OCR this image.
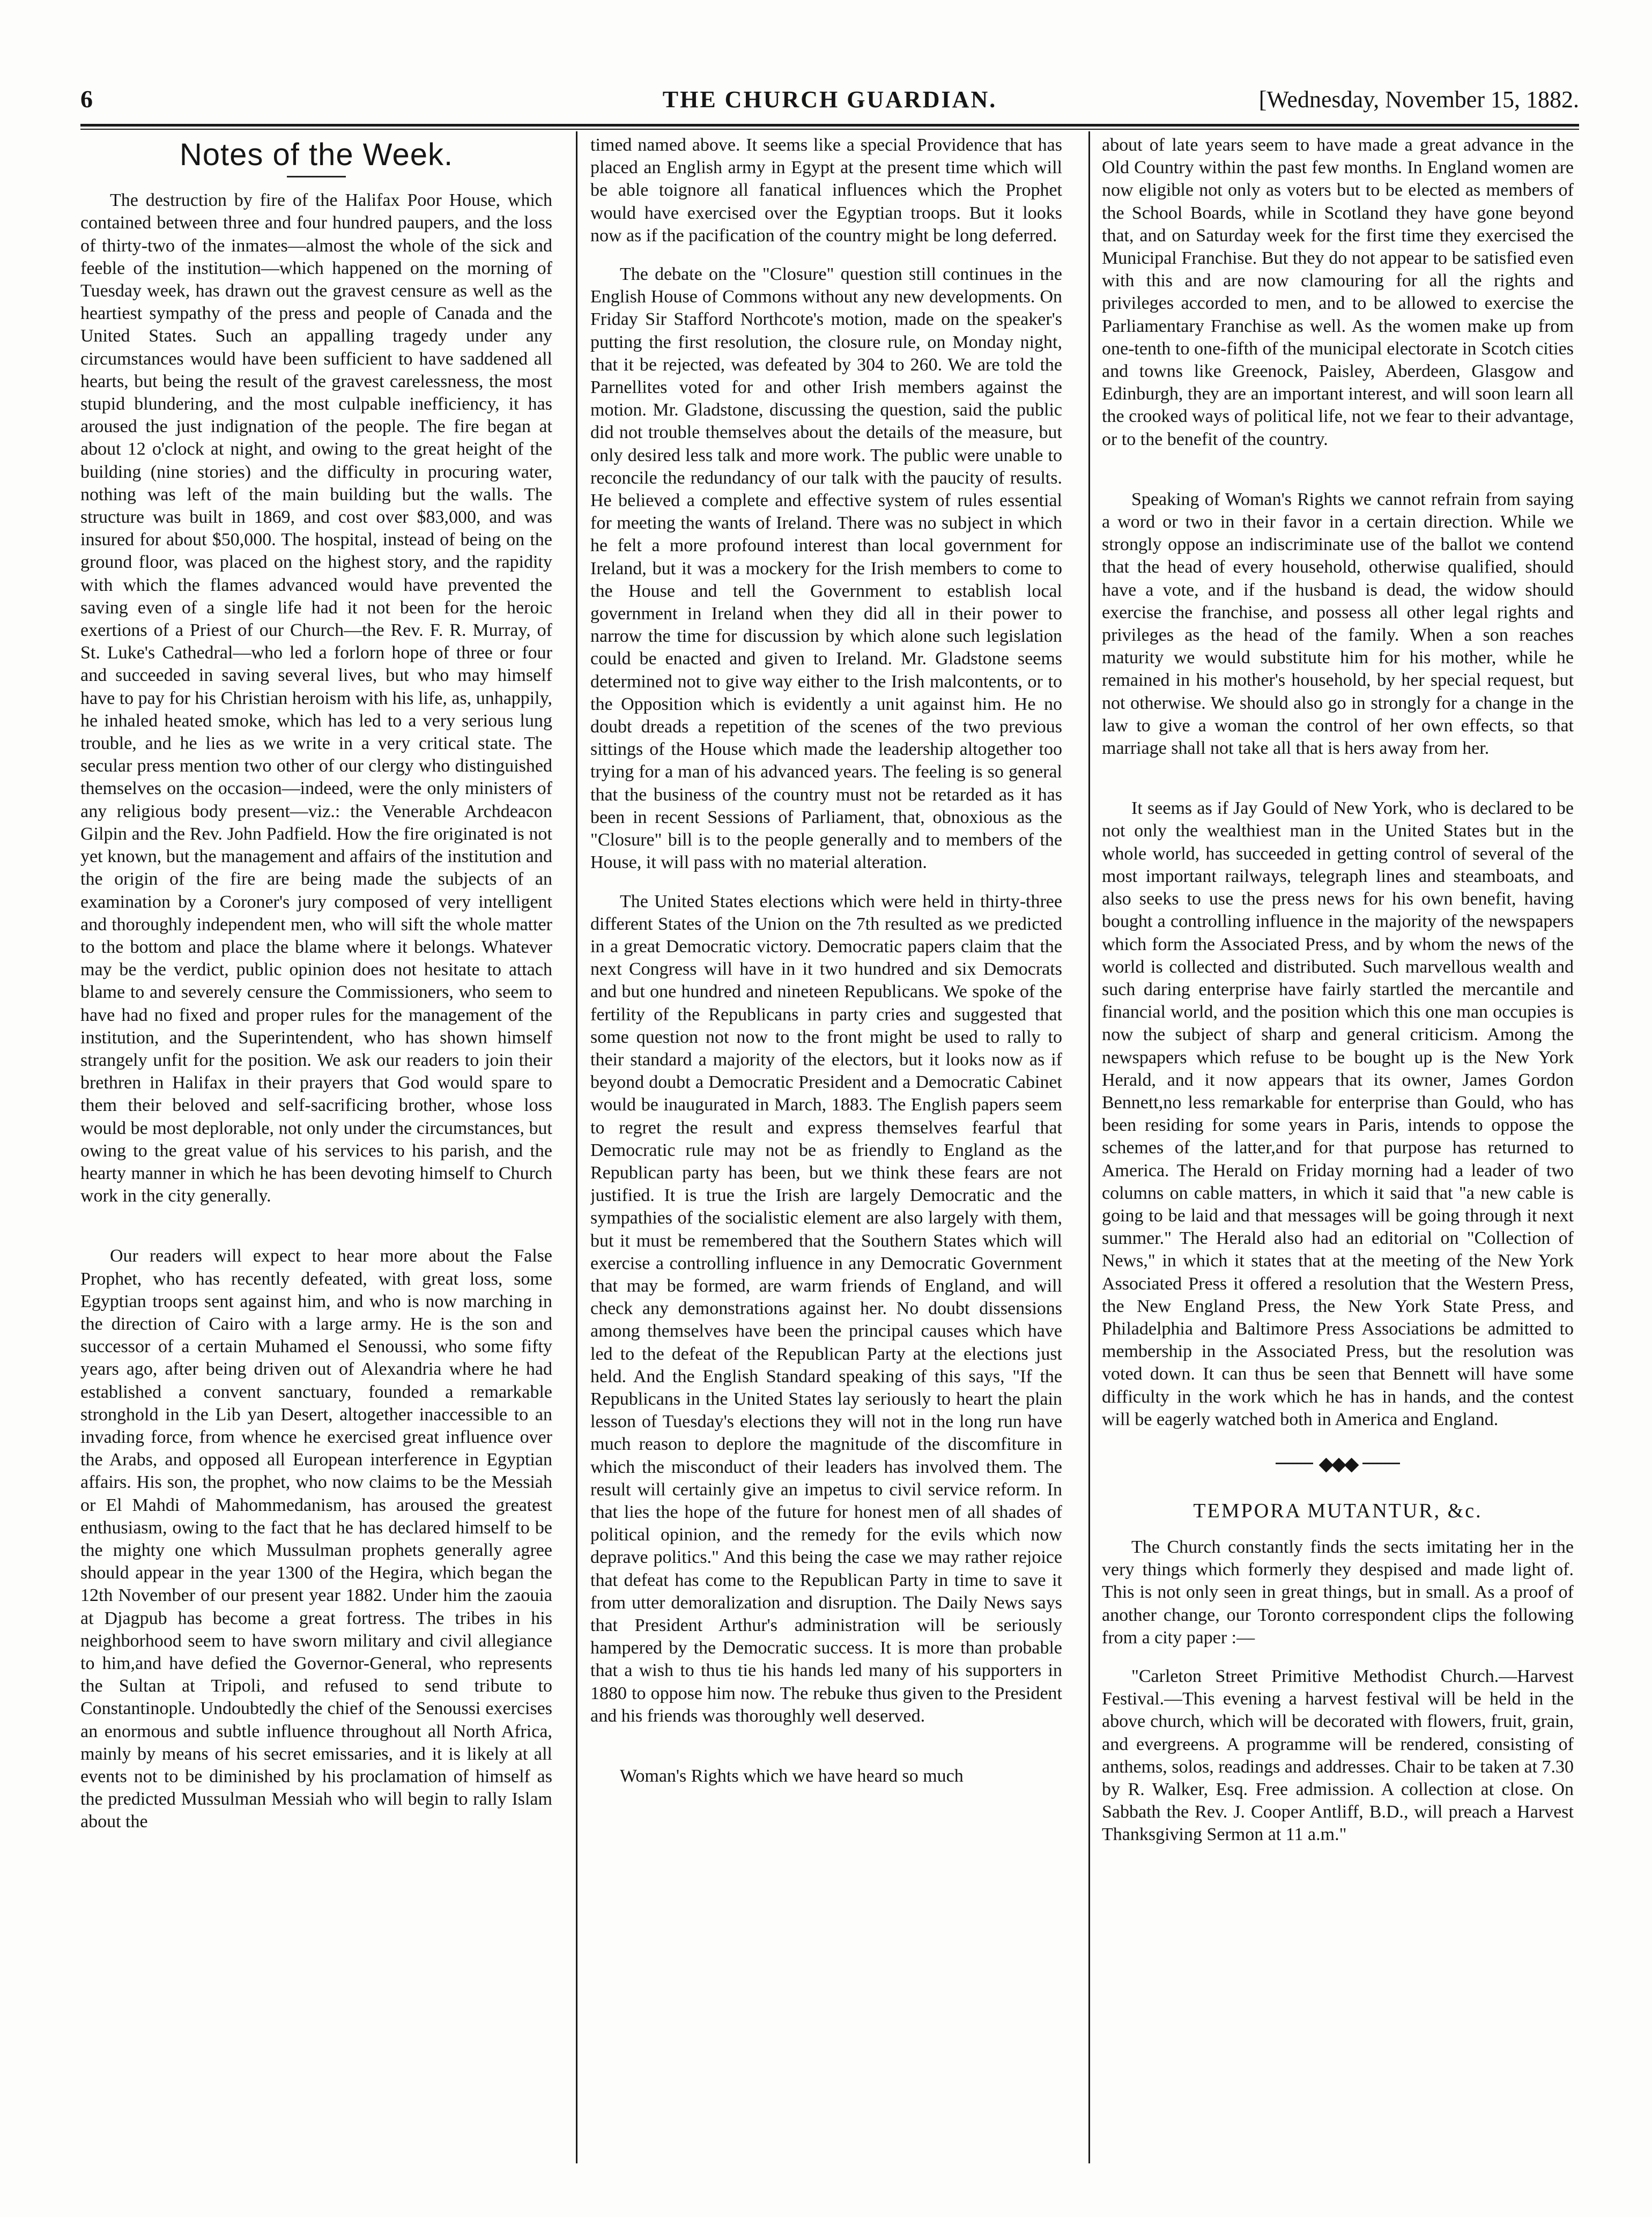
6	THE CHURCH GUARDIAN.	[Wednesday, November 15, 1882.
Notes of the Week.

The destruction by fire of the Halifax Poor House, which contained between three and four hundred paupers, and the loss of thirty-two of the inmates—almost the whole of the sick and feeble of the institution—which happened on the morning of Tuesday week, has drawn out the gravest censure as well as the heartiest sympathy of the press and people of Canada and the United States. Such an appalling tragedy under any circumstances would have been sufficient to have saddened all hearts, but being the result of the gravest carelessness, the most stupid blundering, and the most culpable inefficiency, it has aroused the just indignation of the people. The fire began at about 12 o'clock at night, and owing to the great height of the building (nine stories) and the difficulty in procuring water, nothing was left of the main building but the walls. The structure was built in 1869, and cost over $83,000, and was insured for about $50,000. The hospital, instead of being on the ground floor, was placed on the highest story, and the rapidity with which the flames advanced would have prevented the saving even of a single life had it not been for the heroic exertions of a Priest of our Church—the Rev. F. R. Murray, of St. Luke's Cathedral—who led a forlorn hope of three or four and succeeded in saving several lives, but who may himself have to pay for his Christian heroism with his life, as, unhappily, he inhaled heated smoke, which has led to a very serious lung trouble, and he lies as we write in a very critical state. The secular press mention two other of our clergy who distinguished themselves on the occasion—indeed, were the only ministers of any religious body present—viz.: the Venerable Archdeacon Gilpin and the Rev. John Padfield. How the fire originated is not yet known, but the management and affairs of the institution and the origin of the fire are being made the subjects of an examination by a Coroner's jury composed of very intelligent and thoroughly independent men, who will sift the whole matter to the bottom and place the blame where it belongs. Whatever may be the verdict, public opinion does not hesitate to attach blame to and severely censure the Commissioners, who seem to have had no fixed and proper rules for the management of the institution, and the Superintendent, who has shown himself strangely unfit for the position. We ask our readers to join their brethren in Halifax in their prayers that God would spare to them their beloved and self-sacrificing brother, whose loss would be most deplorable, not only under the circumstances, but owing to the great value of his services to his parish, and the hearty manner in which he has been devoting himself to Church work in the city generally.

Our readers will expect to hear more about the False Prophet, who has recently defeated, with great loss, some Egyptian troops sent against him, and who is now marching in the direction of Cairo with a large army. He is the son and successor of a certain Muhamed el Senoussi, who some fifty years ago, after being driven out of Alexandria where he had established a convent sanctuary, founded a remarkable stronghold in the Lib yan Desert, altogether inaccessible to an invading force, from whence he exercised great influence over the Arabs, and opposed all European interference in Egyptian affairs. His son, the prophet, who now claims to be the Messiah or El Mahdi of Mahommedanism, has aroused the greatest enthusiasm, owing to the fact that he has declared himself to be the mighty one which Mussulman prophets generally agree should appear in the year 1300 of the Hegira, which began the 12th November of our present year 1882. Under him the zaouia at Djagpub has become a great fortress. The tribes in his neighborhood seem to have sworn military and civil allegiance to him,and have defied the Governor-General, who represents the Sultan at Tripoli, and refused to send tribute to Constantinople. Undoubtedly the chief of the Senoussi exercises an enormous and subtle influence throughout all North Africa, mainly by means of his secret emissaries, and it is likely at all events not to be diminished by his proclamation of himself as the predicted Mussulman Messiah who will begin to rally Islam about the

timed named above. It seems like a special Providence that has placed an English army in Egypt at the present time which will be able toignore all fanatical influences which the Prophet would have exercised over the Egyptian troops. But it looks now as if the pacification of the country might be long deferred.

The debate on the "Closure" question still continues in the English House of Commons without any new developments. On Friday Sir Stafford Northcote's motion, made on the speaker's putting the first resolution, the closure rule, on Monday night, that it be rejected, was defeated by 304 to 260. We are told the Parnellites voted for and other Irish members against the motion. Mr. Gladstone, discussing the question, said the public did not trouble themselves about the details of the measure, but only desired less talk and more work. The public were unable to reconcile the redundancy of our talk with the paucity of results. He believed a complete and effective system of rules essential for meeting the wants of Ireland. There was no subject in which he felt a more profound interest than local government for Ireland, but it was a mockery for the Irish members to come to the House and tell the Government to establish local government in Ireland when they did all in their power to narrow the time for discussion by which alone such legislation could be enacted and given to Ireland. Mr. Gladstone seems determined not to give way either to the Irish malcontents, or to the Opposition which is evidently a unit against him. He no doubt dreads a repetition of the scenes of the two previous sittings of the House which made the leadership altogether too trying for a man of his advanced years. The feeling is so general that the business of the country must not be retarded as it has been in recent Sessions of Parliament, that, obnoxious as the "Closure" bill is to the people generally and to members of the House, it will pass with no material alteration.

The United States elections which were held in thirty-three different States of the Union on the 7th resulted as we predicted in a great Democratic victory. Democratic papers claim that the next Congress will have in it two hundred and six Democrats and but one hundred and nineteen Republicans. We spoke of the fertility of the Republicans in party cries and suggested that some question not now to the front might be used to rally to their standard a majority of the electors, but it looks now as if beyond doubt a Democratic President and a Democratic Cabinet would be inaugurated in March, 1883. The English papers seem to regret the result and express themselves fearful that Democratic rule may not be as friendly to England as the Republican party has been, but we think these fears are not justified. It is true the Irish are largely Democratic and the sympathies of the socialistic element are also largely with them, but it must be remembered that the Southern States which will exercise a controlling influence in any Democratic Government that may be formed, are warm friends of England, and will check any demonstrations against her. No doubt dissensions among themselves have been the principal causes which have led to the defeat of the Republican Party at the elections just held. And the English Standard speaking of this says, "If the Republicans in the United States lay seriously to heart the plain lesson of Tuesday's elections they will not in the long run have much reason to deplore the magnitude of the discomfiture in which the misconduct of their leaders has involved them. The result will certainly give an impetus to civil service reform. In that lies the hope of the future for honest men of all shades of political opinion, and the remedy for the evils which now deprave politics." And this being the case we may rather rejoice that defeat has come to the Republican Party in time to save it from utter demoralization and disruption. The Daily News says that President Arthur's administration will be seriously hampered by the Democratic success. It is more than probable that a wish to thus tie his hands led many of his supporters in 1880 to oppose him now. The rebuke thus given to the President and his friends was thoroughly well deserved.

Woman's Rights which we have heard so much

about of late years seem to have made a great advance in the Old Country within the past few months. In England women are now eligible not only as voters but to be elected as members of the School Boards, while in Scotland they have gone beyond that, and on Saturday week for the first time they exercised the Municipal Franchise. But they do not appear to be satisfied even with this and are now clamouring for all the rights and privileges accorded to men, and to be allowed to exercise the Parliamentary Franchise as well. As the women make up from one-tenth to one-fifth of the municipal electorate in Scotch cities and towns like Greenock, Paisley, Aberdeen, Glasgow and Edinburgh, they are an important interest, and will soon learn all the crooked ways of political life, not we fear to their advantage, or to the benefit of the country.

Speaking of Woman's Rights we cannot refrain from saying a word or two in their favor in a certain direction. While we strongly oppose an indiscriminate use of the ballot we contend that the head of every household, otherwise qualified, should have a vote, and if the husband is dead, the widow should exercise the franchise, and possess all other legal rights and privileges as the head of the family. When a son reaches maturity we would substitute him for his mother, while he remained in his mother's household, by her special request, but not otherwise. We should also go in strongly for a change in the law to give a woman the control of her own effects, so that marriage shall not take all that is hers away from her.

It seems as if Jay Gould of New York, who is declared to be not only the wealthiest man in the United States but in the whole world, has succeeded in getting control of several of the most important railways, telegraph lines and steamboats, and also seeks to use the press news for his own benefit, having bought a controlling influence in the majority of the newspapers which form the Associated Press, and by whom the news of the world is collected and distributed. Such marvellous wealth and such daring enterprise have fairly startled the mercantile and financial world, and the position which this one man occupies is now the subject of sharp and general criticism. Among the newspapers which refuse to be bought up is the New York Herald, and it now appears that its owner, James Gordon Bennett,no less remarkable for enterprise than Gould, who has been residing for some years in Paris, intends to oppose the schemes of the latter,and for that purpose has returned to America. The Herald on Friday morning had a leader of two columns on cable matters, in which it said that "a new cable is going to be laid and that messages will be going through it next summer." The Herald also had an editorial on "Collection of News," in which it states that at the meeting of the New York Associated Press it offered a resolution that the Western Press, the New England Press, the New York State Press, and Philadelphia and Baltimore Press Associations be admitted to membership in the Associated Press, but the resolution was voted down. It can thus be seen that Bennett will have some difficulty in the work which he has in hands, and the contest will be eagerly watched both in America and England.

◆◆◆
TEMPORA MUTANTUR, &c.

The Church constantly finds the sects imitating her in the very things which formerly they despised and made light of. This is not only seen in great things, but in small. As a proof of another change, our Toronto correspondent clips the following from a city paper :—

"Carleton Street Primitive Methodist Church.—Harvest Festival.—This evening a harvest festival will be held in the above church, which will be decorated with flowers, fruit, grain, and evergreens. A programme will be rendered, consisting of anthems, solos, readings and addresses. Chair to be taken at 7.30 by R. Walker, Esq. Free admission. A collection at close. On Sabbath the Rev. J. Cooper Antliff, B.D., will preach a Harvest Thanksgiving Sermon at 11 a.m."
